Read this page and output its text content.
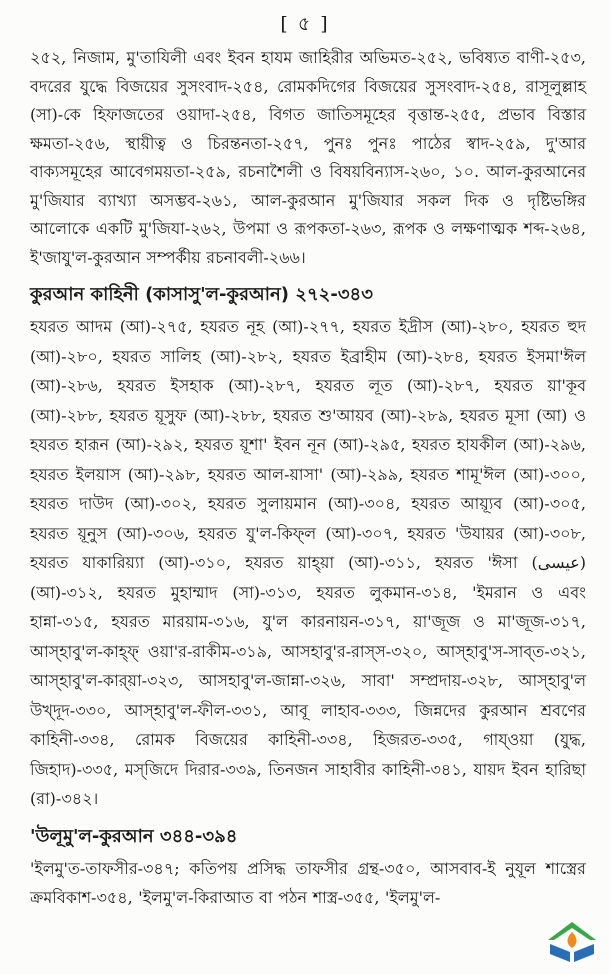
[ ৫ ]

২৫২, নিজাম, মু'তাযিলী এবং ইবন হাযম জাহিরীর অভিমত-২৫২, ভবিষ্যত বাণী-২৫৩, বদরের যুদ্ধে বিজয়ের সুসংবাদ-২৫৪, রোমকদিগের বিজয়ের সুসংবাদ-২৫৪, রাসূলুল্লাহ (সা)-কে হিফাজতের ওয়াদা-২৫৪, বিগত জাতিসমূহের বৃত্তান্ত-২৫৫, প্রভাব বিস্তার ক্ষমতা-২৫৬, স্থায়ীত্ব ও চিরন্তনতা-২৫৭, পুনঃ পুনঃ পাঠের স্বাদ-২৫৯, দু'আর বাক্যসমূহের আবেগময়তা-২৫৯, রচনাশৈলী ও বিষয়বিন্যাস-২৬০, ১০. আল-কুরআনের মু'জিযার ব্যাখ্যা অসম্ভব-২৬১, আল-কুরআন মু'জিযার সকল দিক ও দৃষ্টিভঙ্গির আলোকে একটি মু'জিযা-২৬২, উপমা ও রূপকতা-২৬৩, রূপক ও লক্ষণাত্মক শব্দ-২৬৪, ই'জাযু'ল-কুরআন সম্পর্কীয় রচনাবলী-২৬৬।

কুরআন কাহিনী (কাসাসু'ল-কুরআন) ২৭২-৩৪৩

হযরত আদম (আ)-২৭৫, হযরত নূহ (আ)-২৭৭, হযরত ইদ্রীস (আ)-২৮০, হযরত হুদ (আ)-২৮০, হযরত সালিহ (আ)-২৮২, হযরত ইব্রাহীম (আ)-২৮৪, হযরত ইসমা'ঈল (আ)-২৮৬, হযরত ইসহাক (আ)-২৮৭, হযরত লূত (আ)-২৮৭, হযরত য়া'কূব (আ)-২৮৮, হযরত য়ূসুফ (আ)-২৮৮, হযরত শু'আয়ব (আ)-২৮৯, হযরত মূসা (আ) ও হযরত হারূন (আ)-২৯২, হযরত য়ূশা' ইবন নূন (আ)-২৯৫, হযরত হাযকীল (আ)-২৯৬, হযরত ইলয়াস (আ)-২৯৮, হযরত আল-য়াসা' (আ)-২৯৯, হযরত শামূ'ঈল (আ)-৩০০, হযরত দাউদ (আ)-৩০২, হযরত সুলায়মান (আ)-৩০৪, হযরত আয়্যূব (আ)-৩০৫, হযরত য়ূনুস (আ)-৩০৬, হযরত যু'ল-কিফ্‌ল (আ)-৩০৭, হযরত 'উযায়র (আ)-৩০৮, হযরত যাকারিয়্যা (আ)-৩১০, হযরত য়াহ্‌য়া (আ)-৩১১, হযরত 'ঈসা (عيسى) (আ)-৩১২, হযরত মুহাম্মাদ (সা)-৩১৩, হযরত লুকমান-৩১৪, 'ইমরান ও এবং হান্না-৩১৫, হযরত মারয়াম-৩১৬, যু'ল কারনায়ন-৩১৭, য়া'জূজ ও মা'জূজ-৩১৭, আস্‌হাবু'ল-কাহ্‌ফ্ ওয়া'র-রাকীম-৩১৯, আসহাবু'র-রাস্‌স-৩২০, আস্‌হাবু'স-সাব্‌ত-৩২১, আস্‌হাবু'ল-কার্‌য়া-৩২৩, আসহাবু'ল-জান্না-৩২৬, সাবা' সম্প্রদায়-৩২৮, আস্‌হাবু'ল উখ্‌দূদ-৩৩০, আস্‌হাবু'ল-ফীল-৩৩১, আবূ লাহাব-৩৩৩, জিন্নদের কুরআন শ্রবণের কাহিনী-৩৩৪, রোমক বিজয়ের কাহিনী-৩৩৪, হিজরত-৩৩৫, গায্‌ওয়া (যুদ্ধ, জিহাদ)-৩৩৫, মস্‌জিদে দিরার-৩৩৯, তিনজন সাহাবীর কাহিনী-৩৪১, যায়দ ইবন হারিছা (রা)-৩৪২।

'উলূমু'ল-কুরআন ৩৪৪-৩৯৪

'ইলমু'ত-তাফসীর-৩৪৭; কতিপয় প্রসিদ্ধ তাফসীর গ্রন্থ-৩৫০, আসবাব-ই নুযূল শাস্ত্রের ক্রমবিকাশ-৩৫৪, 'ইলমু'ল-কিরাআত বা পঠন শাস্ত্র-৩৫৫, 'ইলমু'ল-
